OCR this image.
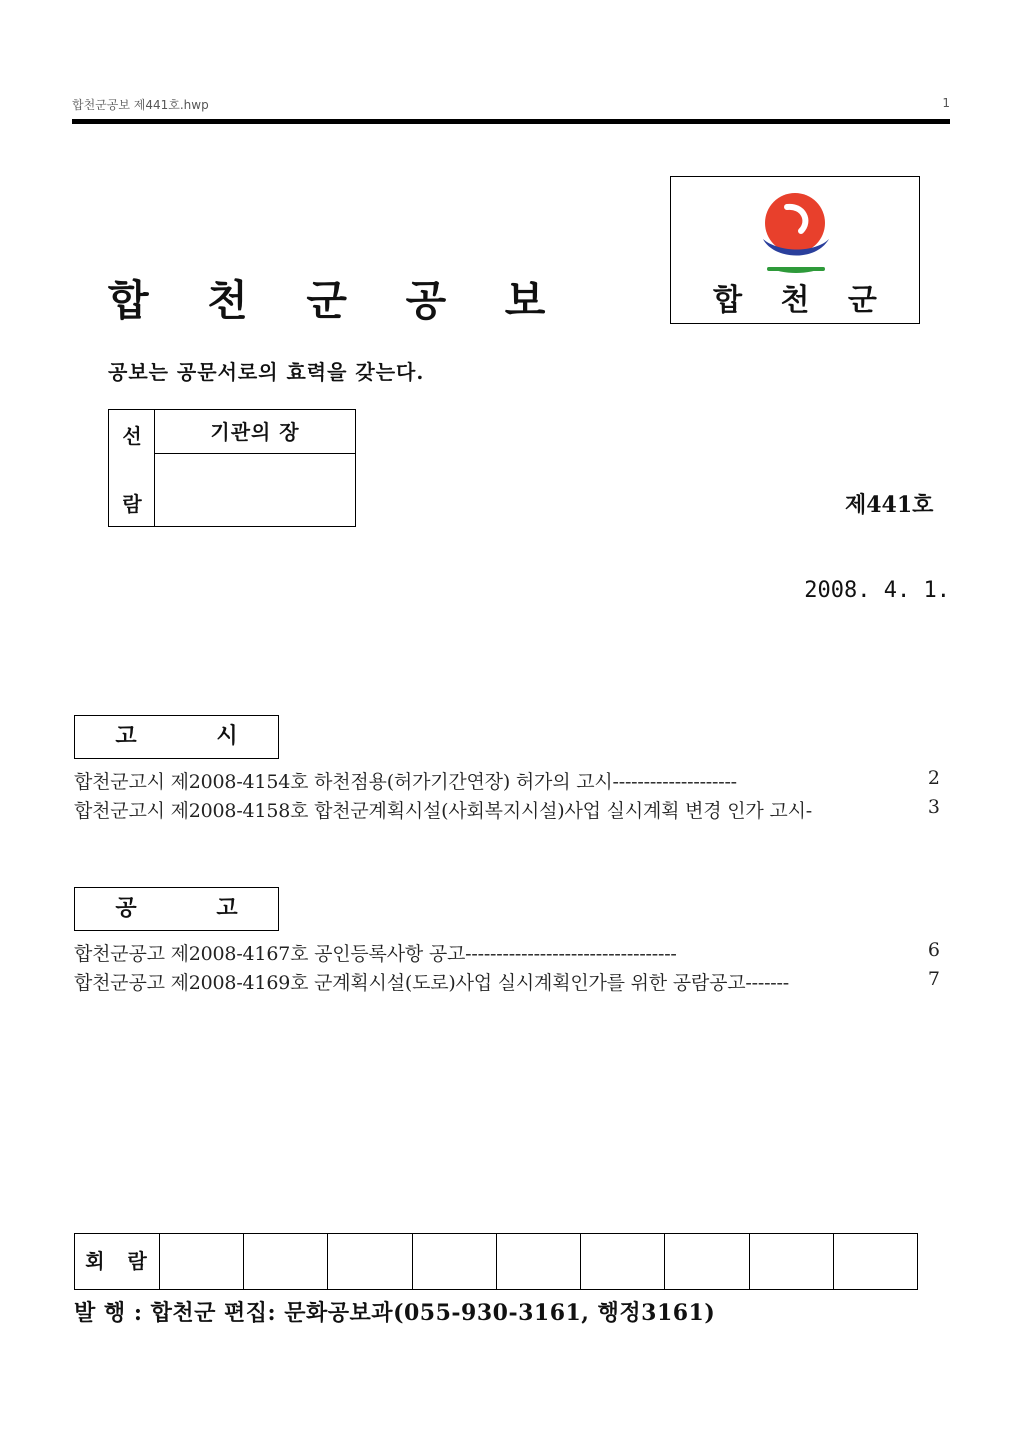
합천군공보 제441호.hwp	1
합 천 군
합 천 군 공 보
공보는 공문서로의 효력을 갖는다.
선
람
기관의 장
제441호
2008. 4. 1.
고 시
합천군고시 제2008-4154호 하천점용(허가기간연장) 허가의 고시--------------------	2
합천군고시 제2008-4158호 합천군계획시설(사회복지시설)사업 실시계획 변경 인가 고시-	3
공 고
합천군공고 제2008-4167호 공인등록사항 공고----------------------------------	6
합천군공고 제2008-4169호 군계획시설(도로)사업 실시계획인가를 위한 공람공고-------	7
회 람
발 행 : 합천군 편집: 문화공보과(055-930-3161, 행정3161)
